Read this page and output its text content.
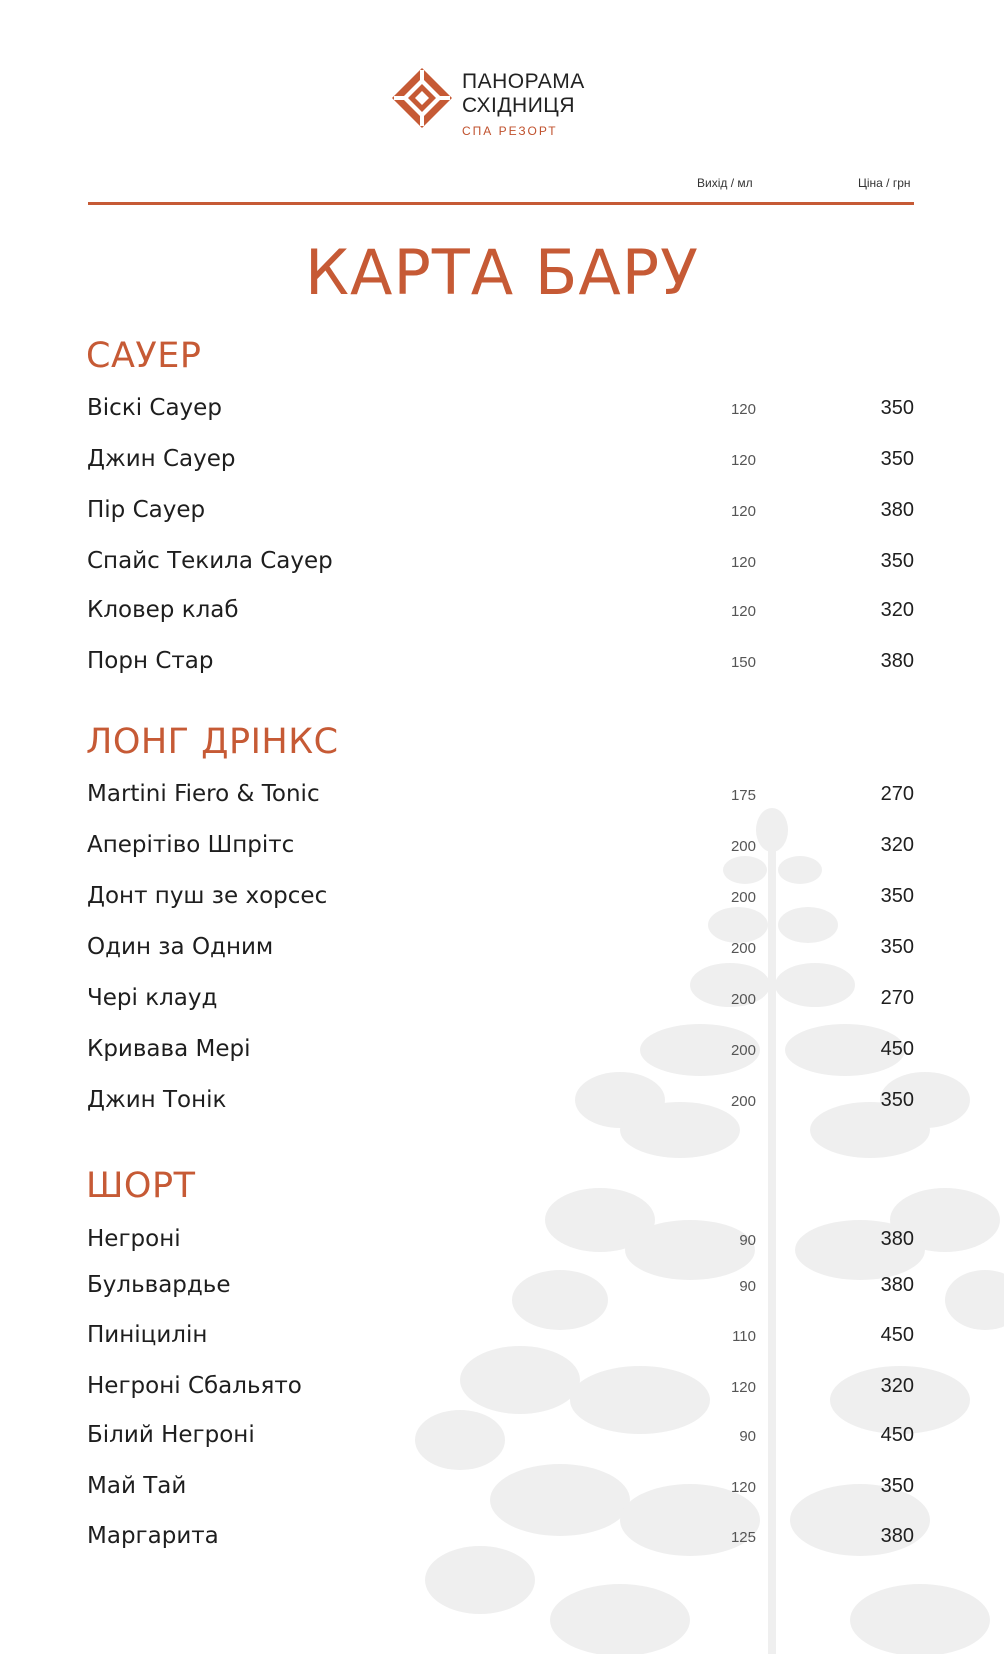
ПАНОРАМА
СХІДНИЦЯ
СПА РЕЗОРТ
Вихід / мл	Ціна / грн
КАРТА БАРУ
САУЕР
Віскі Сауер	120	350
Джин Сауер	120	350
Пір Сауер	120	380
Спайс Текила Сауер	120	350
Кловер клаб	120	320
Порн Стар	150	380
ЛОНГ ДРІНКС
Martini Fiero & Tonic	175	270
Аперітіво Шпрітс	200	320
Донт пуш зе хорсес	200	350
Один за Одним	200	350
Чері клауд	200	270
Кривава Мері	200	450
Джин Тонік	200	350
ШОРТ
Негроні	90	380
Бульвардье	90	380
Пиніцилін	110	450
Негроні Сбальято	120	320
Білий Негроні	90	450
Май Тай	120	350
Маргарита	125	380
